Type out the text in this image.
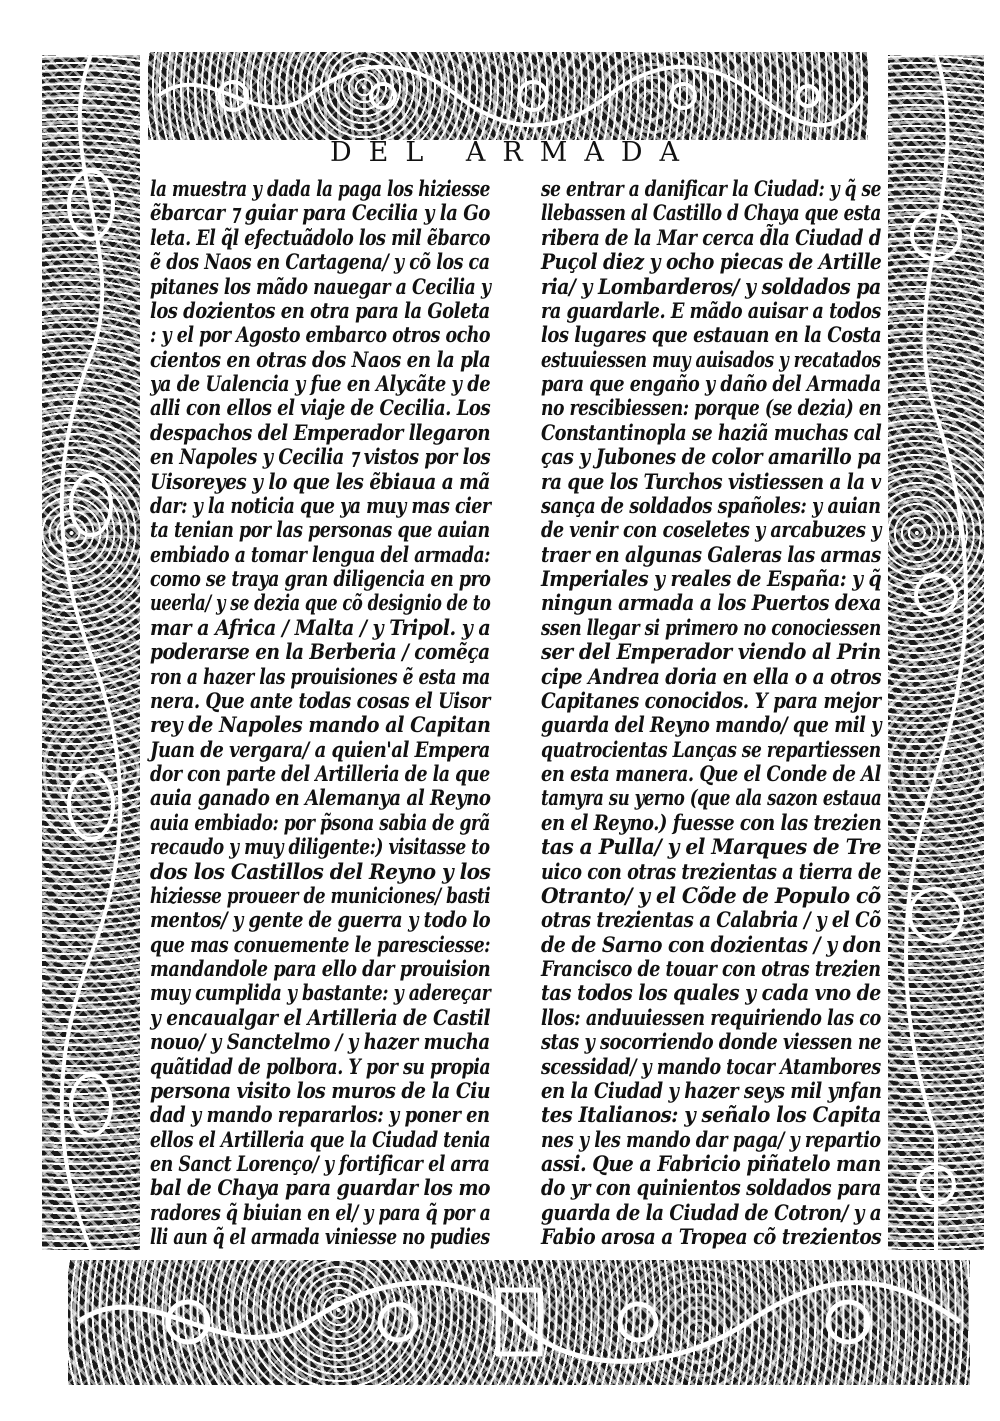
DEL ARMADA
la muestra y dada la paga los hiziesse
ẽbarcar ⁊ guiar para Cecilia y la Go
leta. El q̃l efectuãdolo los mil ẽbarco
ẽ dos Naos en Cartagena/ y cõ los ca
pitanes los mãdo nauegar a Cecilia y
los dozientos en otra para la Goleta
: y el por Agosto embarco otros ocho
cientos en otras dos Naos en la pla
ya de Ualencia y fue en Alycãte y de
alli con ellos el viaje de Cecilia. Los
despachos del Emperador llegaron
en Napoles y Cecilia ⁊ vistos por los
Uisoreyes y lo que les ẽbiaua a mã
dar: y la noticia que ya muy mas cier
ta tenian por las personas que auian
embiado a tomar lengua del armada:
como se traya gran diligencia en pro
ueerla/ y se dezia que cõ designio de to
mar a Africa / Malta / y Tripol. y a
poderarse en la Berberia / comẽça
ron a hazer las prouisiones ẽ esta ma
nera. Que ante todas cosas el Uisor
rey de Napoles mando al Capitan
Juan de vergara/ a quien'al Empera
dor con parte del Artilleria de la que
auia ganado en Alemanya al Reyno
auia embiado: por p̃sona sabia de grã
recaudo y muy diligente:) visitasse to
dos los Castillos del Reyno y los
hiziesse proueer de municiones/ basti
mentos/ y gente de guerra y todo lo
que mas conuemente le paresciesse:
mandandole para ello dar prouision
muy cumplida y bastante: y adereçar
y encaualgar el Artilleria de Castil
nouo/ y Sanctelmo / y hazer mucha
quãtidad de polbora. Y por su propia
persona visito los muros de la Ciu
dad y mando repararlos: y poner en
ellos el Artilleria que la Ciudad tenia
en Sanct Lorenço/ y fortificar el arra
bal de Chaya para guardar los mo
radores q̃ biuian en el/ y para q̃ por a
lli aun q̃ el armada viniesse no pudies
se entrar a danificar la Ciudad: y q̃ se
llebassen al Castillo d Chaya que esta
ribera de la Mar cerca d̃la Ciudad d
Puçol diez y ocho piecas de Artille
ria/ y Lombarderos/ y soldados pa
ra guardarle. E mãdo auisar a todos
los lugares que estauan en la Costa
estuuiessen muy auisados y recatados
para que engaño y daño del Armada
no rescibiessen: porque (se dezia) en
Constantinopla se haziã muchas cal
ças y Jubones de color amarillo pa
ra que los Turchos vistiessen a la v
sança de soldados spañoles: y auian
de venir con coseletes y arcabuzes y
traer en algunas Galeras las armas
Imperiales y reales de España: y q̃
ningun armada a los Puertos dexa
ssen llegar si primero no conociessen
ser del Emperador viendo al Prin
cipe Andrea doria en ella o a otros
Capitanes conocidos. Y para mejor
guarda del Reyno mando/ que mil y
quatrocientas Lanças se repartiessen
en esta manera. Que el Conde de Al
tamyra su yerno (que ala sazon estaua
en el Reyno.) fuesse con las trezien
tas a Pulla/ y el Marques de Tre
uico con otras trezientas a tierra de
Otranto/ y el Cõde de Populo cõ
otras trezientas a Calabria / y el Cõ
de de Sarno con dozientas / y don
Francisco de touar con otras trezien
tas todos los quales y cada vno de
llos: anduuiessen requiriendo las co
stas y socorriendo donde viessen ne
scessidad/ y mando tocar Atambores
en la Ciudad y hazer seys mil ynfan
tes Italianos: y señalo los Capita
nes y les mando dar paga/ y repartio
assi. Que a Fabricio piñatelo man
do yr con quinientos soldados para
guarda de la Ciudad de Cotron/ y a
Fabio arosa a Tropea cõ trezientos
